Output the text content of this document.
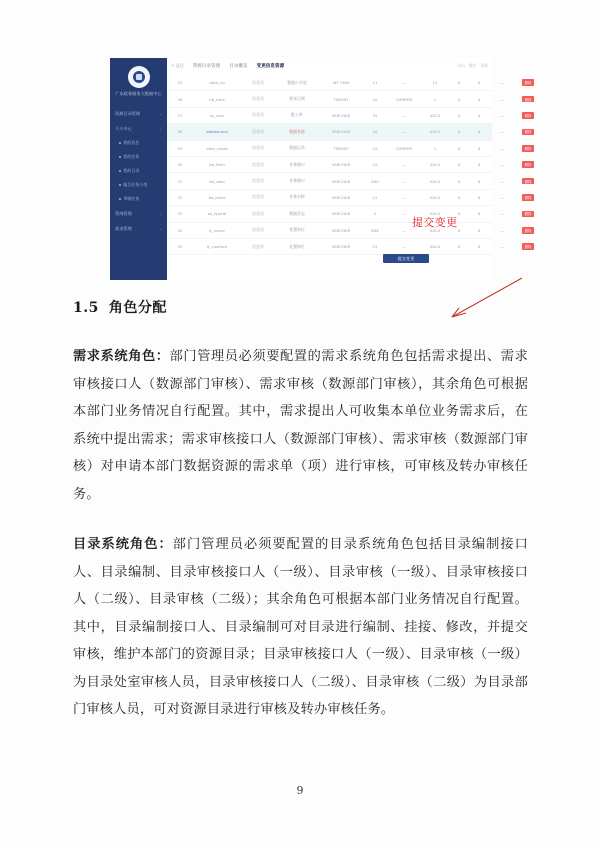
广东政务服务大数据中心
资源目录管理	⌄
个人中心	⌄
我的消息
我的任务
我的目录
编目任务分类
李娜任务
系统管理	⌄
需求管理	⌄
< 返回 资源目录管理 目录概览 变更信息资源	导出 操作 帮助
25	data_no	信息项	数据公开度	INT UNSI	11	—	11	0	0	—	删除
26	nb_time	信息项	要求日期	TINYINT	10	CURREN	1	0	0	—	删除
27	sz_user	信息项	配工单	VARCHAR	32	—	ASCII	0	0	—	删除
28	datasource	信息项	数据来源	VARCHAR	10	—	ASCII	0	0	—	删除
29	data_result	信息项	数据记录	TINYINT	10	CURREN	1	0	0	—	删除
30	bd_item	信息项	业务窗口	VARCHAR	10	—	ASCII	0	0	—	删除
31	bd_deal	信息项	业务窗口	VARCHAR	800	—	ASCII	0	0	—	删除
32	bd_trans	信息项	业务名称	VARCHAR	12	—	ASCII	0	0	—	删除
33	sz_typeid	信息项	数据状态	VARCHAR	2	—	ASCII	0	0	—	删除
34	it_name	信息项	处置单位	VARCHAR	806	—	ASCII	0	0	—	删除
35	it_cusfrom	信息项	处置单位	VARCHAR	12	—	ASCII	0	0	—	删除
提交变更
提交变更
1.5 角色分配
需求系统角色：部门管理员必须要配置的需求系统角色包括需求提出、需求审核接口人（数源部门审核）、需求审核（数源部门审核），其余角色可根据本部门业务情况自行配置。其中，需求提出人可收集本单位业务需求后，在系统中提出需求；需求审核接口人（数源部门审核）、需求审核（数源部门审核）对申请本部门数据资源的需求单（项）进行审核，可审核及转办审核任务。
目录系统角色：部门管理员必须要配置的目录系统角色包括目录编制接口人、目录编制、目录审核接口人（一级）、目录审核（一级）、目录审核接口人（二级）、目录审核（二级）；其余角色可根据本部门业务情况自行配置。其中，目录编制接口人、目录编制可对目录进行编制、挂接、修改，并提交审核，维护本部门的资源目录；目录审核接口人（一级）、目录审核（一级）为目录处室审核人员，目录审核接口人（二级）、目录审核（二级）为目录部门审核人员，可对资源目录进行审核及转办审核任务。
9
